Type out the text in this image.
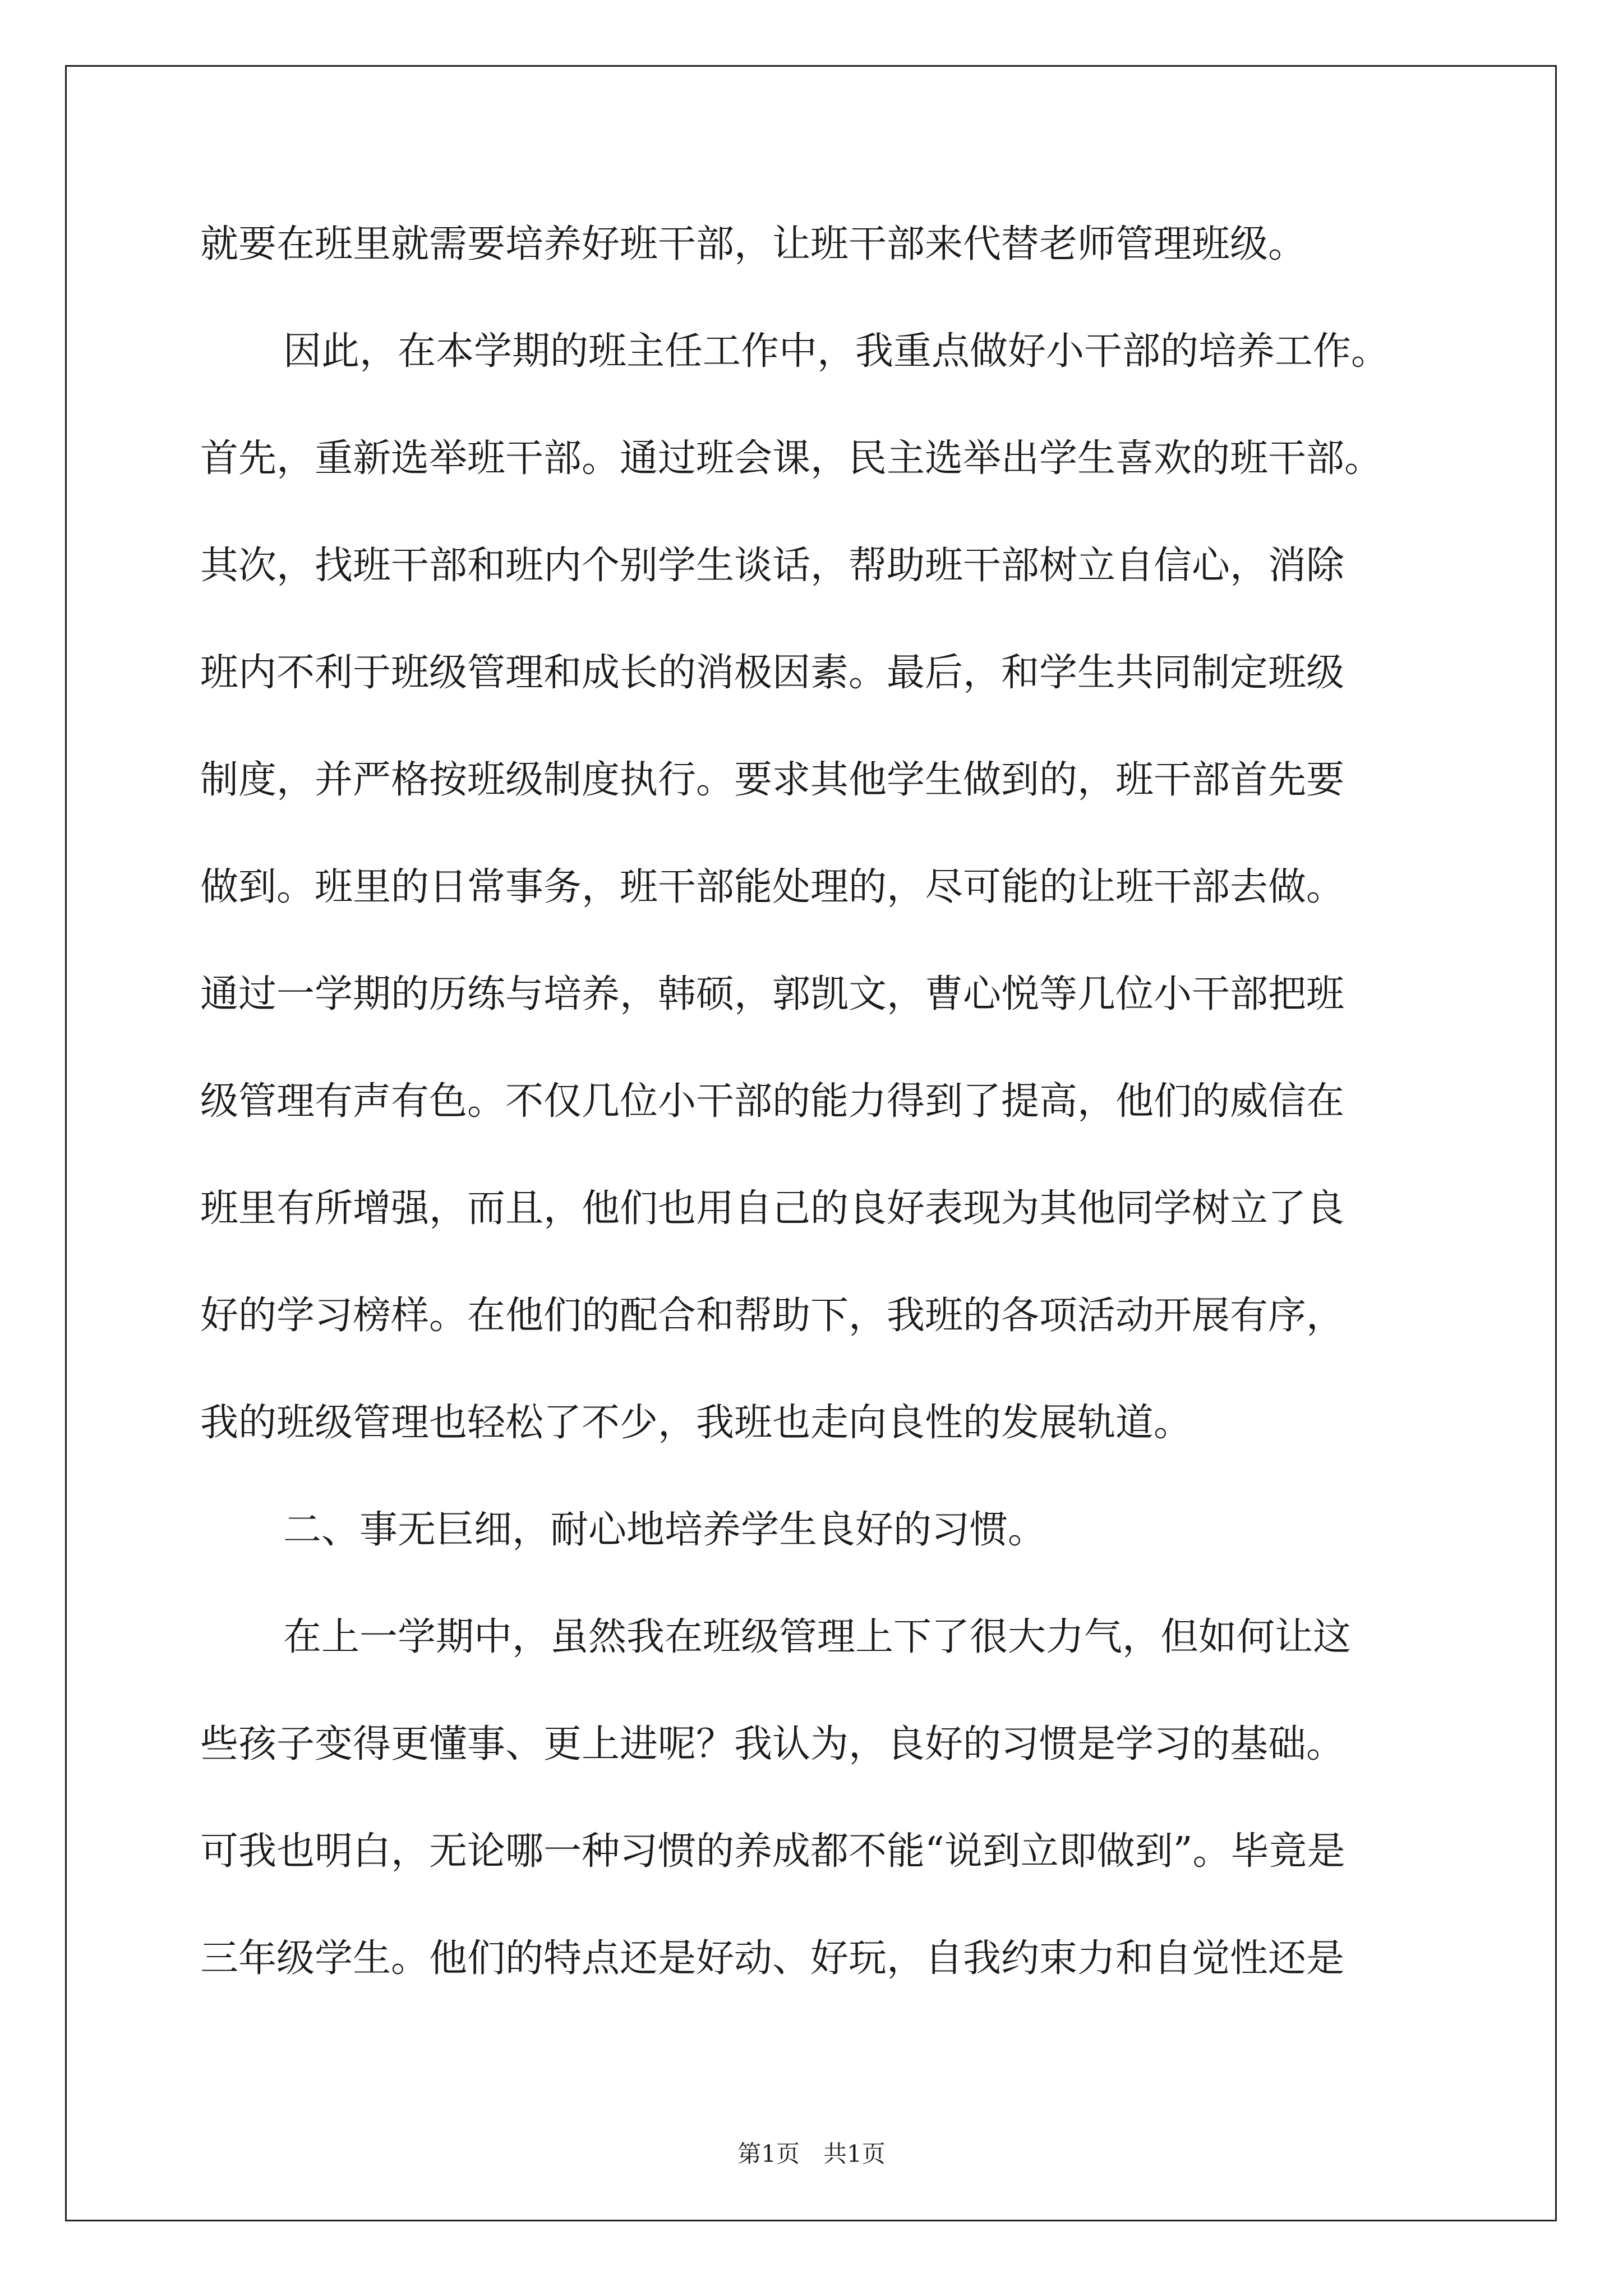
就要在班里就需要培养好班干部，让班干部来代替老师管理班级。
因此，在本学期的班主任工作中，我重点做好小干部的培养工作。
首先，重新选举班干部。通过班会课，民主选举出学生喜欢的班干部。
其次，找班干部和班内个别学生谈话，帮助班干部树立自信心，消除
班内不利于班级管理和成长的消极因素。最后，和学生共同制定班级
制度，并严格按班级制度执行。要求其他学生做到的，班干部首先要
做到。班里的日常事务，班干部能处理的，尽可能的让班干部去做。
通过一学期的历练与培养，韩硕，郭凯文，曹心悦等几位小干部把班
级管理有声有色。不仅几位小干部的能力得到了提高，他们的威信在
班里有所增强，而且，他们也用自己的良好表现为其他同学树立了良
好的学习榜样。在他们的配合和帮助下，我班的各项活动开展有序，
我的班级管理也轻松了不少，我班也走向良性的发展轨道。
二、事无巨细，耐心地培养学生良好的习惯。
在上一学期中，虽然我在班级管理上下了很大力气，但如何让这
些孩子变得更懂事、更上进呢？我认为，良好的习惯是学习的基础。
可我也明白，无论哪一种习惯的养成都不能“说到立即做到”。毕竟是
三年级学生。他们的特点还是好动、好玩，自我约束力和自觉性还是
第1页　共1页
